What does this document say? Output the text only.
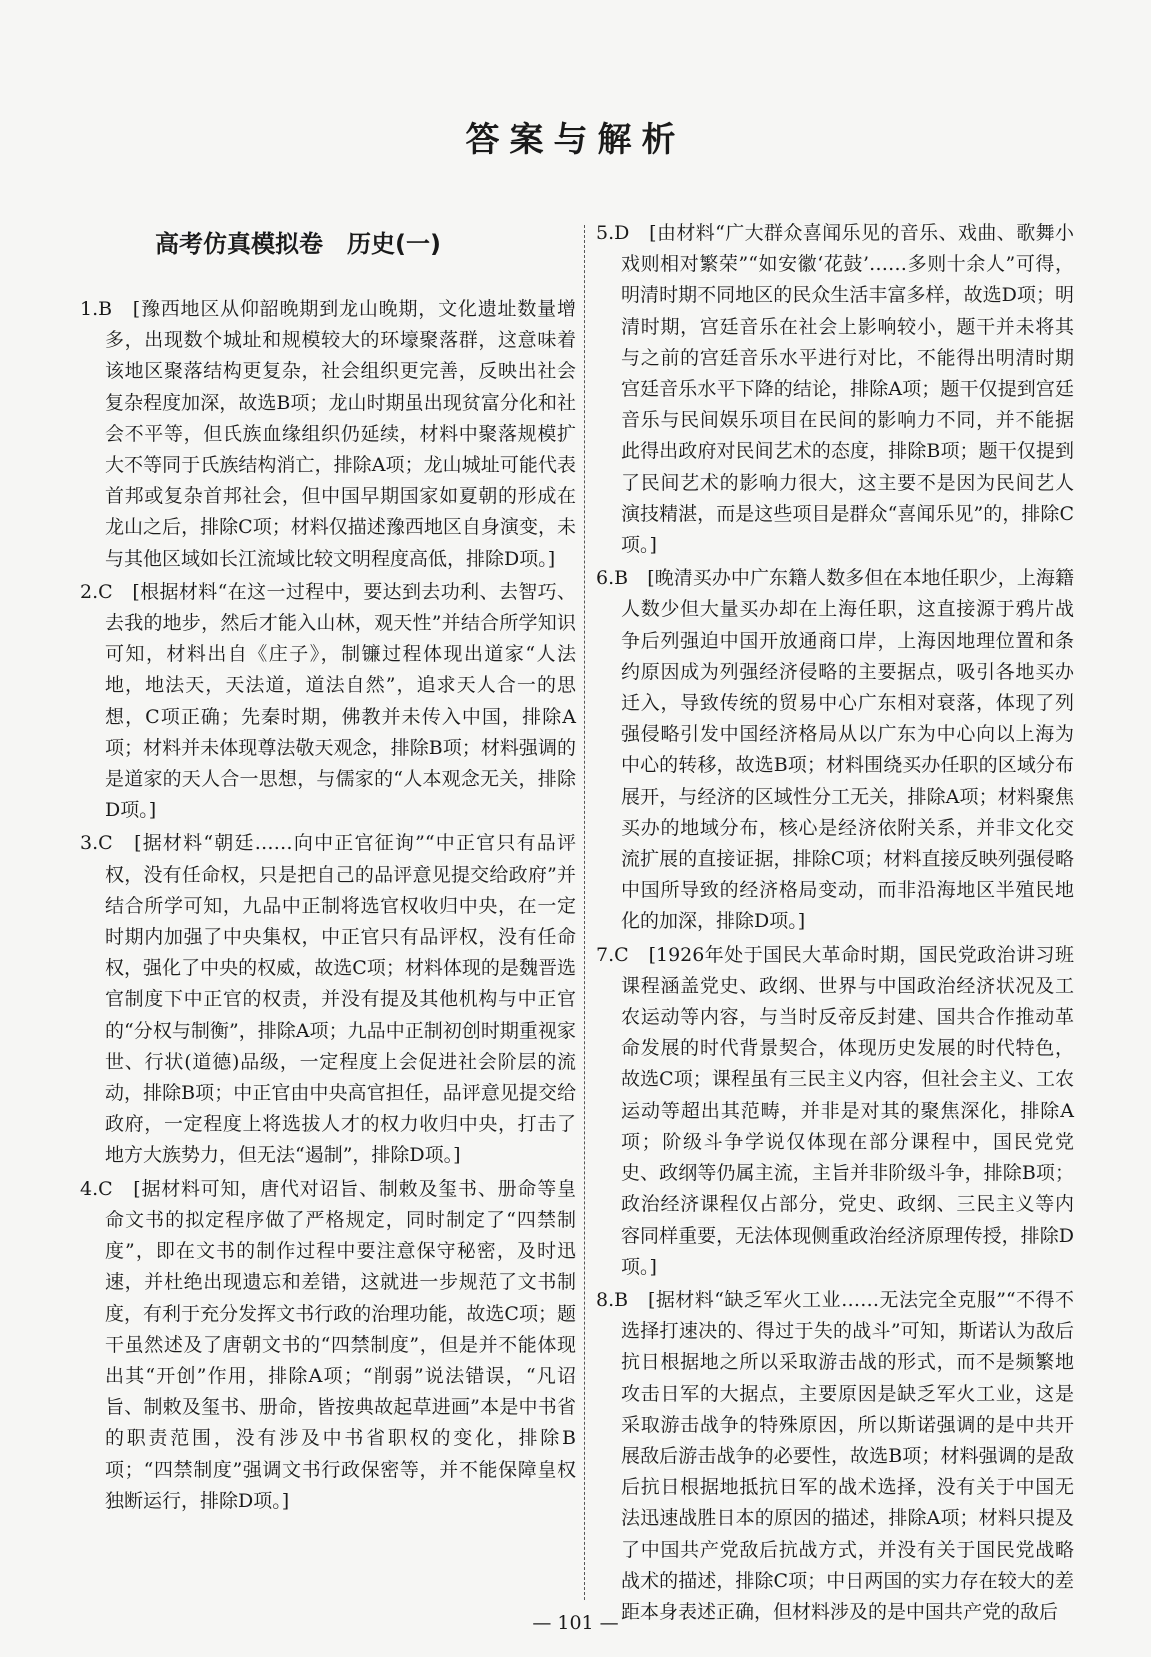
答案与解析
高考仿真模拟卷　历史(一)

1.B　[豫西地区从仰韶晚期到龙山晚期，文化遗址数量增多，出现数个城址和规模较大的环壕聚落群，这意味着该地区聚落结构更复杂，社会组织更完善，反映出社会复杂程度加深，故选B项；龙山时期虽出现贫富分化和社会不平等，但氏族血缘组织仍延续，材料中聚落规模扩大不等同于氏族结构消亡，排除A项；龙山城址可能代表首邦或复杂首邦社会，但中国早期国家如夏朝的形成在龙山之后，排除C项；材料仅描述豫西地区自身演变，未与其他区域如长江流域比较文明程度高低，排除D项。]

2.C　[根据材料“在这一过程中，要达到去功利、去智巧、去我的地步，然后才能入山林，观天性”并结合所学知识可知，材料出自《庄子》，制镰过程体现出道家“人法地，地法天，天法道，道法自然”，追求天人合一的思想，C项正确；先秦时期，佛教并未传入中国，排除A项；材料并未体现尊法敬天观念，排除B项；材料强调的是道家的天人合一思想，与儒家的“人本观念无关，排除D项。]

3.C　[据材料“朝廷……向中正官征询”“中正官只有品评权，没有任命权，只是把自己的品评意见提交给政府”并结合所学可知，九品中正制将选官权收归中央，在一定时期内加强了中央集权，中正官只有品评权，没有任命权，强化了中央的权威，故选C项；材料体现的是魏晋选官制度下中正官的权责，并没有提及其他机构与中正官的“分权与制衡”，排除A项；九品中正制初创时期重视家世、行状(道德)品级，一定程度上会促进社会阶层的流动，排除B项；中正官由中央高官担任，品评意见提交给政府，一定程度上将选拔人才的权力收归中央，打击了地方大族势力，但无法“遏制”，排除D项。]

4.C　[据材料可知，唐代对诏旨、制敕及玺书、册命等皇命文书的拟定程序做了严格规定，同时制定了“四禁制度”，即在文书的制作过程中要注意保守秘密，及时迅速，并杜绝出现遗忘和差错，这就进一步规范了文书制度，有利于充分发挥文书行政的治理功能，故选C项；题干虽然述及了唐朝文书的“四禁制度”，但是并不能体现出其“开创”作用，排除A项；“削弱”说法错误，“凡诏旨、制敕及玺书、册命，皆按典故起草进画”本是中书省的职责范围，没有涉及中书省职权的变化，排除B项；“四禁制度”强调文书行政保密等，并不能保障皇权独断运行，排除D项。]

5.D　[由材料“广大群众喜闻乐见的音乐、戏曲、歌舞小戏则相对繁荣”“如安徽‘花鼓’……多则十余人”可得，明清时期不同地区的民众生活丰富多样，故选D项；明清时期，宫廷音乐在社会上影响较小，题干并未将其与之前的宫廷音乐水平进行对比，不能得出明清时期宫廷音乐水平下降的结论，排除A项；题干仅提到宫廷音乐与民间娱乐项目在民间的影响力不同，并不能据此得出政府对民间艺术的态度，排除B项；题干仅提到了民间艺术的影响力很大，这主要不是因为民间艺人演技精湛，而是这些项目是群众“喜闻乐见”的，排除C项。]

6.B　[晚清买办中广东籍人数多但在本地任职少，上海籍人数少但大量买办却在上海任职，这直接源于鸦片战争后列强迫中国开放通商口岸，上海因地理位置和条约原因成为列强经济侵略的主要据点，吸引各地买办迁入，导致传统的贸易中心广东相对衰落，体现了列强侵略引发中国经济格局从以广东为中心向以上海为中心的转移，故选B项；材料围绕买办任职的区域分布展开，与经济的区域性分工无关，排除A项；材料聚焦买办的地域分布，核心是经济依附关系，并非文化交流扩展的直接证据，排除C项；材料直接反映列强侵略中国所导致的经济格局变动，而非沿海地区半殖民地化的加深，排除D项。]

7.C　[1926年处于国民大革命时期，国民党政治讲习班课程涵盖党史、政纲、世界与中国政治经济状况及工农运动等内容，与当时反帝反封建、国共合作推动革命发展的时代背景契合，体现历史发展的时代特色，故选C项；课程虽有三民主义内容，但社会主义、工农运动等超出其范畴，并非是对其的聚焦深化，排除A项；阶级斗争学说仅体现在部分课程中，国民党党史、政纲等仍属主流，主旨并非阶级斗争，排除B项；政治经济课程仅占部分，党史、政纲、三民主义等内容同样重要，无法体现侧重政治经济原理传授，排除D项。]

8.B　[据材料“缺乏军火工业……无法完全克服”“不得不选择打速决的、得过于失的战斗”可知，斯诺认为敌后抗日根据地之所以采取游击战的形式，而不是频繁地攻击日军的大据点，主要原因是缺乏军火工业，这是采取游击战争的特殊原因，所以斯诺强调的是中共开展敌后游击战争的必要性，故选B项；材料强调的是敌后抗日根据地抵抗日军的战术选择，没有关于中国无法迅速战胜日本的原因的描述，排除A项；材料只提及了中国共产党敌后抗战方式，并没有关于国民党战略战术的描述，排除C项；中日两国的实力存在较大的差距本身表述正确，但材料涉及的是中国共产党的敌后

— 101 —
